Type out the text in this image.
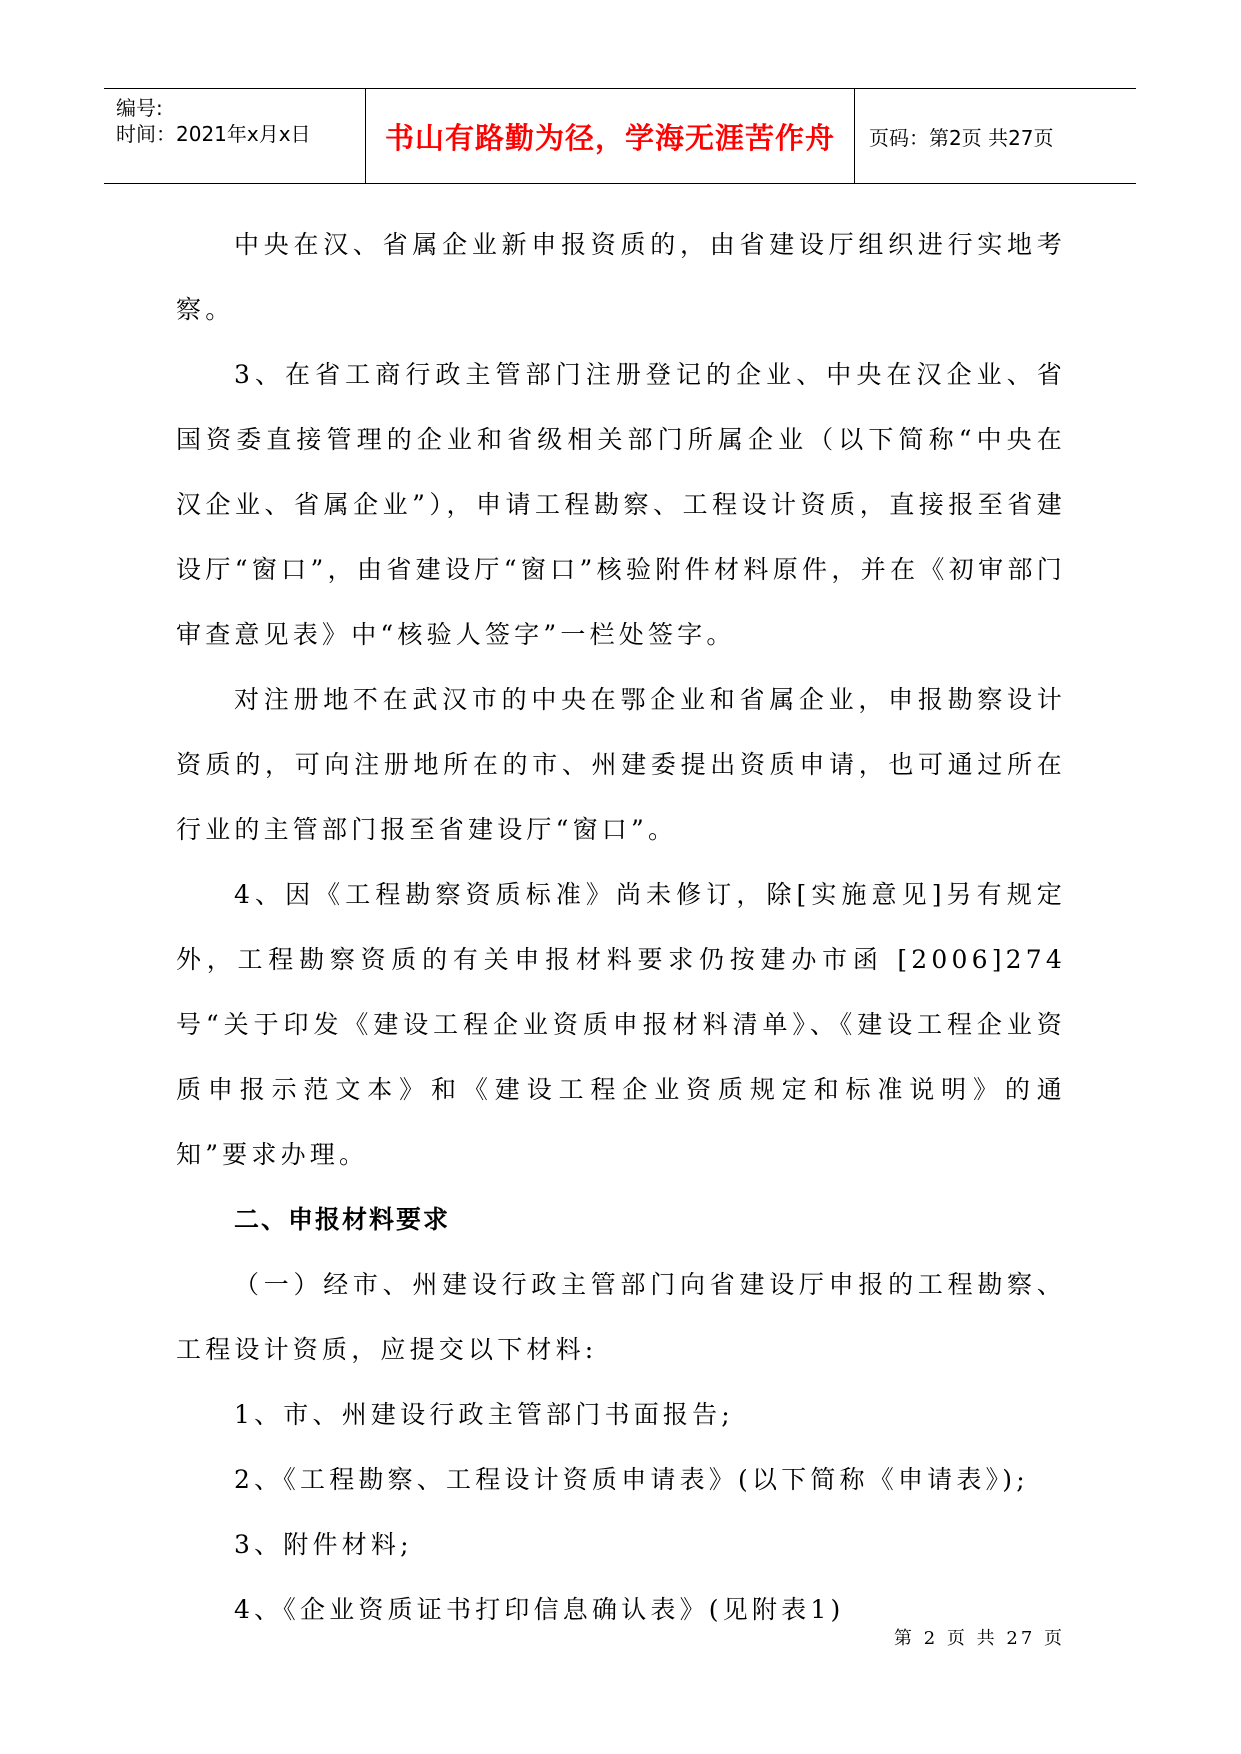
编号:
时间：2021年x月x日	书山有路勤为径，学海无涯苦作舟	页码：第2页 共27页

中央在汉、省属企业新申报资质的，由省建设厅组织进行实地考察。

3、在省工商行政主管部门注册登记的企业、中央在汉企业、省国资委直接管理的企业和省级相关部门所属企业（以下简称“中央在汉企业、省属企业”），申请工程勘察、工程设计资质，直接报至省建设厅“窗口”，由省建设厅“窗口”核验附件材料原件，并在《初审部门审查意见表》中“核验人签字”一栏处签字。

对注册地不在武汉市的中央在鄂企业和省属企业，申报勘察设计资质的，可向注册地所在的市、州建委提出资质申请，也可通过所在行业的主管部门报至省建设厅“窗口”。

4、因《工程勘察资质标准》尚未修订，除[实施意见]另有规定外，工程勘察资质的有关申报材料要求仍按建办市函 [2006]274号“关于印发《建设工程企业资质申报材料清单》、《建设工程企业资质申报示范文本》和《建设工程企业资质规定和标准说明》的通知”要求办理。

二、申报材料要求

（一）经市、州建设行政主管部门向省建设厅申报的工程勘察、工程设计资质，应提交以下材料:

1、市、州建设行政主管部门书面报告;

2、《工程勘察、工程设计资质申请表》(以下简称《申请表》);

3、附件材料;

4、《企业资质证书打印信息确认表》(见附表1)

第 2 页 共 27 页
